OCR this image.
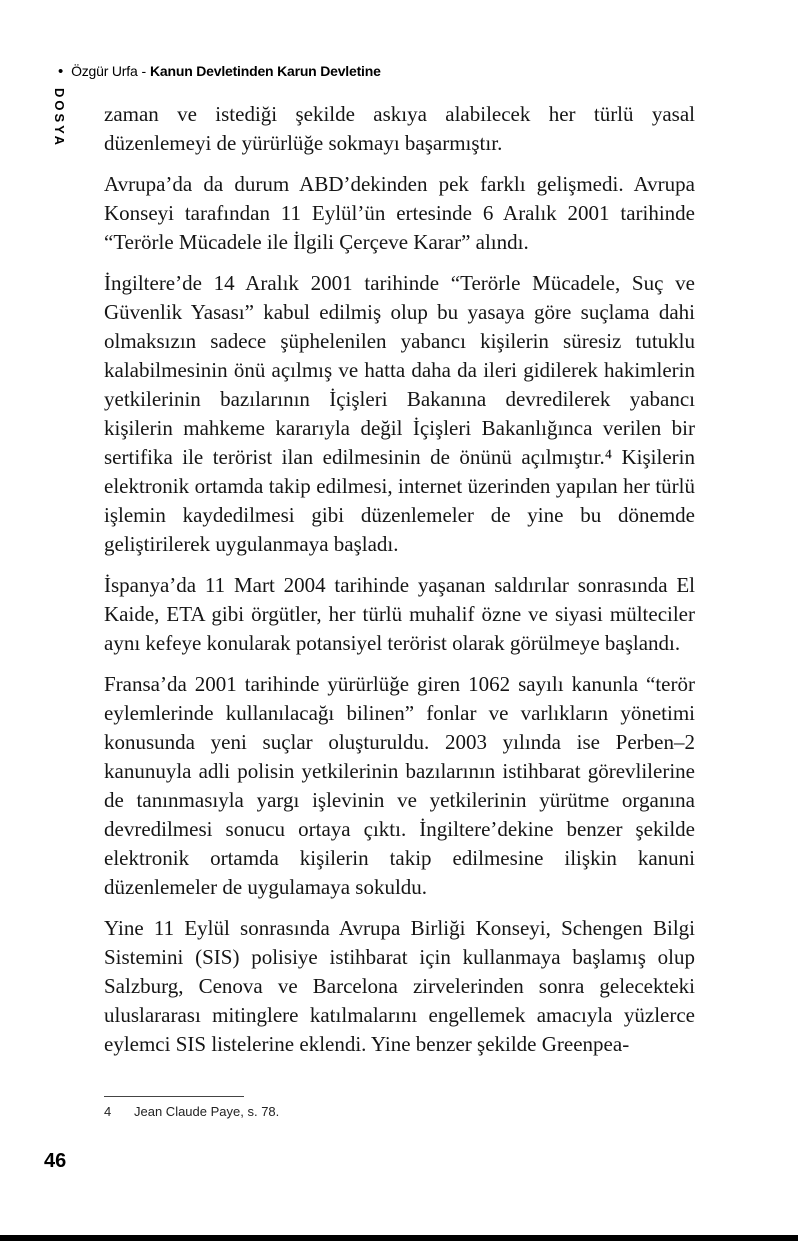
• Özgür Urfa - Kanun Devletinden Karun Devletine
DOSYA zaman ve istediği şekilde askıya alabilecek her türlü yasal düzenlemeyi de yürürlüğe sokmayı başarmıştır.

Avrupa’da da durum ABD’dekinden pek farklı gelişmedi. Avrupa Konseyi tarafından 11 Eylül’ün ertesinde 6 Aralık 2001 tarihinde “Terörle Mücadele ile İlgili Çerçeve Karar” alındı.

İngiltere’de 14 Aralık 2001 tarihinde “Terörle Mücadele, Suç ve Güvenlik Yasası” kabul edilmiş olup bu yasaya göre suçlama dahi olmaksızın sadece şüphelenilen yabancı kişilerin süresiz tutuklu kalabilmesinin önü açılmış ve hatta daha da ileri gidilerek hakimlerin yetkilerinin bazılarının İçişleri Bakanına devredilerek yabancı kişilerin mahkeme kararıyla değil İçişleri Bakanlığınca verilen bir sertifika ile terörist ilan edilmesinin de önünü açılmıştır.⁴ Kişilerin elektronik ortamda takip edilmesi, internet üzerinden yapılan her türlü işlemin kaydedilmesi gibi düzenlemeler de yine bu dönemde geliştirilerek uygulanmaya başladı.

İspanya’da 11 Mart 2004 tarihinde yaşanan saldırılar sonrasında El Kaide, ETA gibi örgütler, her türlü muhalif özne ve siyasi mülteciler aynı kefeye konularak potansiyel terörist olarak görülmeye başlandı.

Fransa’da 2001 tarihinde yürürlüğe giren 1062 sayılı kanunla “terör eylemlerinde kullanılacağı bilinen” fonlar ve varlıkların yönetimi konusunda yeni suçlar oluşturuldu. 2003 yılında ise Perben–2 kanunuyla adli polisin yetkilerinin bazılarının istihbarat görevlilerine de tanınmasıyla yargı işlevinin ve yetkilerinin yürütme organına devredilmesi sonucu ortaya çıktı. İngiltere’dekine benzer şekilde elektronik ortamda kişilerin takip edilmesine ilişkin kanuni düzenlemeler de uygulamaya sokuldu.

Yine 11 Eylül sonrasında Avrupa Birliği Konseyi, Schengen Bilgi Sistemini (SIS) polisiye istihbarat için kullanmaya başlamış olup Salzburg, Cenova ve Barcelona zirvelerinden sonra gelecekteki uluslararası mitinglere katılmalarını engellemek amacıyla yüzlerce eylemci SIS listelerine eklendi. Yine benzer şekilde Greenpea-

4	Jean Claude Paye, s. 78.
46
